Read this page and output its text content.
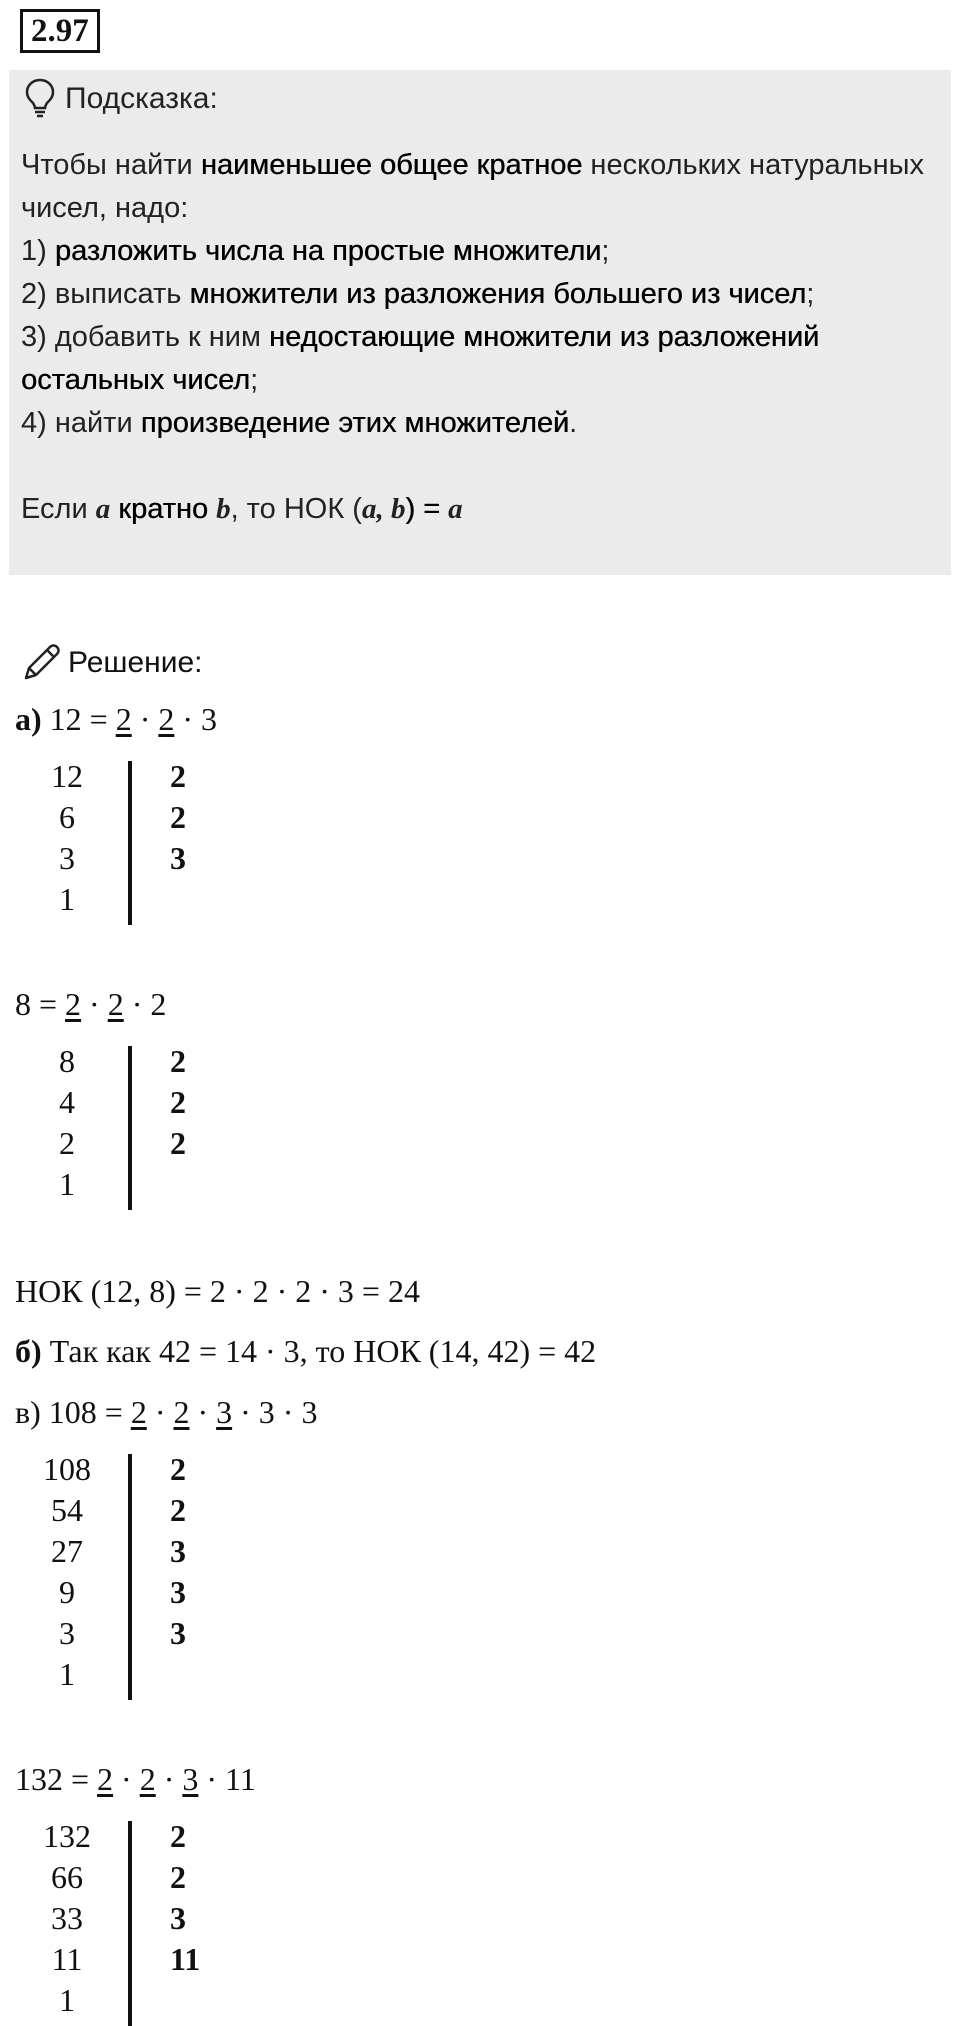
2.97
Подсказка:

Чтобы найти наименьшее общее кратное нескольких натуральных чисел, надо:

1) разложить числа на простые множители;

2) выписать множители из разложения большего из чисел;

3) добавить к ним недостающие множители из разложений остальных чисел;

4) найти произведение этих множителей.

Если a кратно b, то НОК (a, b) = a

Решение:
а) 12 = 2 · 2 · 3
12
6
3
1
2
2
3
8 = 2 · 2 · 2
8
4
2
1
2
2
2
НОК (12, 8) = 2 · 2 · 2 · 3 = 24
б) Так как 42 = 14 · 3, то НОК (14, 42) = 42
в) 108 = 2 · 2 · 3 · 3 · 3
108
54
27
9
3
1
2
2
3
3
3
132 = 2 · 2 · 3 · 11
132
66
33
11
1
2
2
3
11
